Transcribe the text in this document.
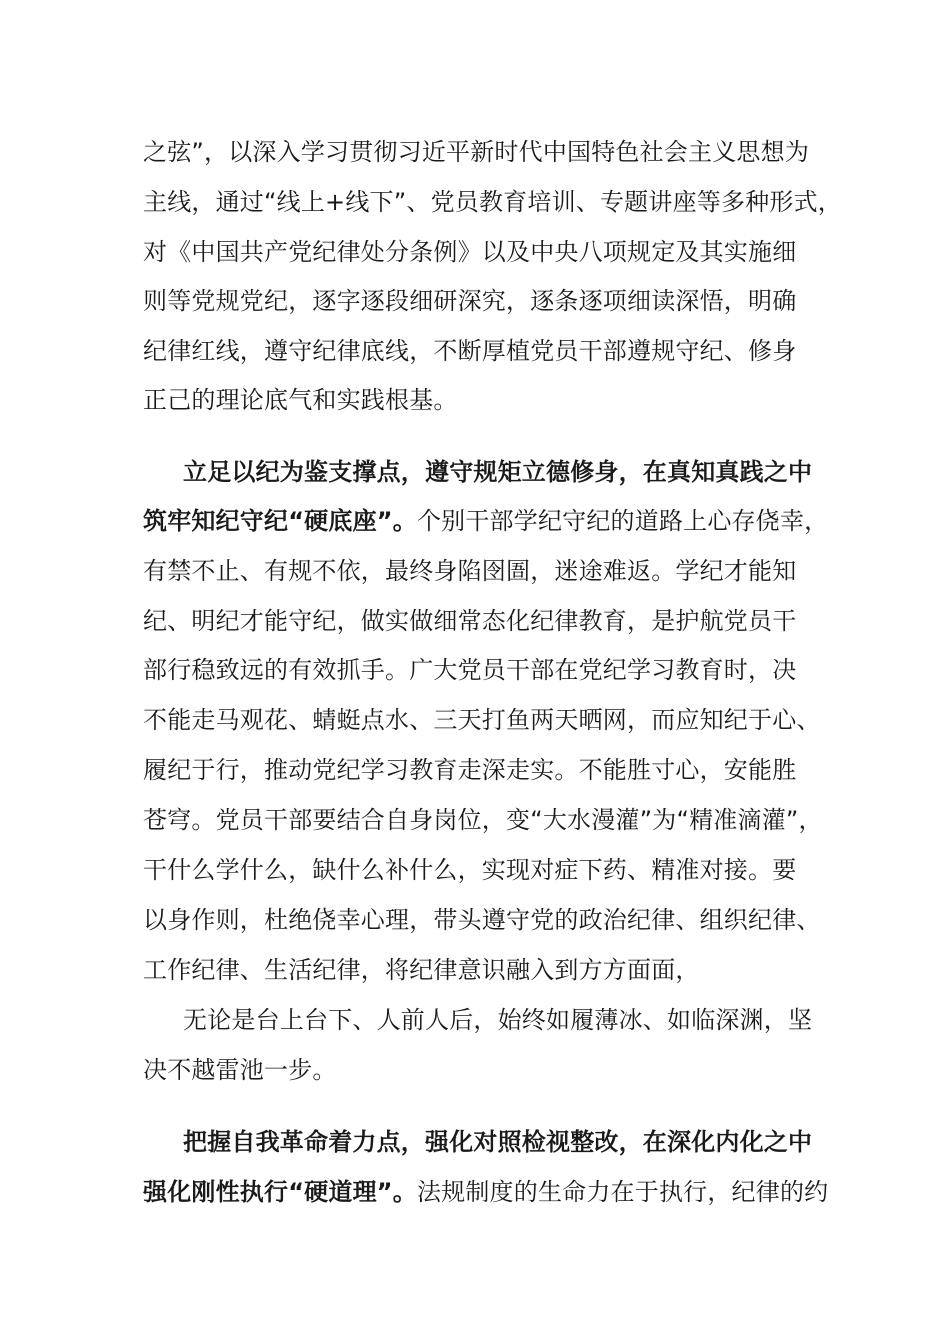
之弦”，以深入学习贯彻习近平新时代中国特色社会主义思想为
主线，通过“线上+线下”、党员教育培训、专题讲座等多种形式，
对《中国共产党纪律处分条例》以及中央八项规定及其实施细
则等党规党纪，逐字逐段细研深究，逐条逐项细读深悟，明确
纪律红线，遵守纪律底线，不断厚植党员干部遵规守纪、修身
正己的理论底气和实践根基。
立足以纪为鉴支撑点，遵守规矩立德修身，在真知真践之中
筑牢知纪守纪“硬底座”。个别干部学纪守纪的道路上心存侥幸，
有禁不止、有规不依，最终身陷囹圄，迷途难返。学纪才能知
纪、明纪才能守纪，做实做细常态化纪律教育，是护航党员干
部行稳致远的有效抓手。广大党员干部在党纪学习教育时，决
不能走马观花、蜻蜓点水、三天打鱼两天晒网，而应知纪于心、
履纪于行，推动党纪学习教育走深走实。不能胜寸心，安能胜
苍穹。党员干部要结合自身岗位，变“大水漫灌”为“精准滴灌”，
干什么学什么，缺什么补什么，实现对症下药、精准对接。要
以身作则，杜绝侥幸心理，带头遵守党的政治纪律、组织纪律、
工作纪律、生活纪律，将纪律意识融入到方方面面，
无论是台上台下、人前人后，始终如履薄冰、如临深渊，坚
决不越雷池一步。
把握自我革命着力点，强化对照检视整改，在深化内化之中
强化刚性执行“硬道理”。法规制度的生命力在于执行，纪律的约
